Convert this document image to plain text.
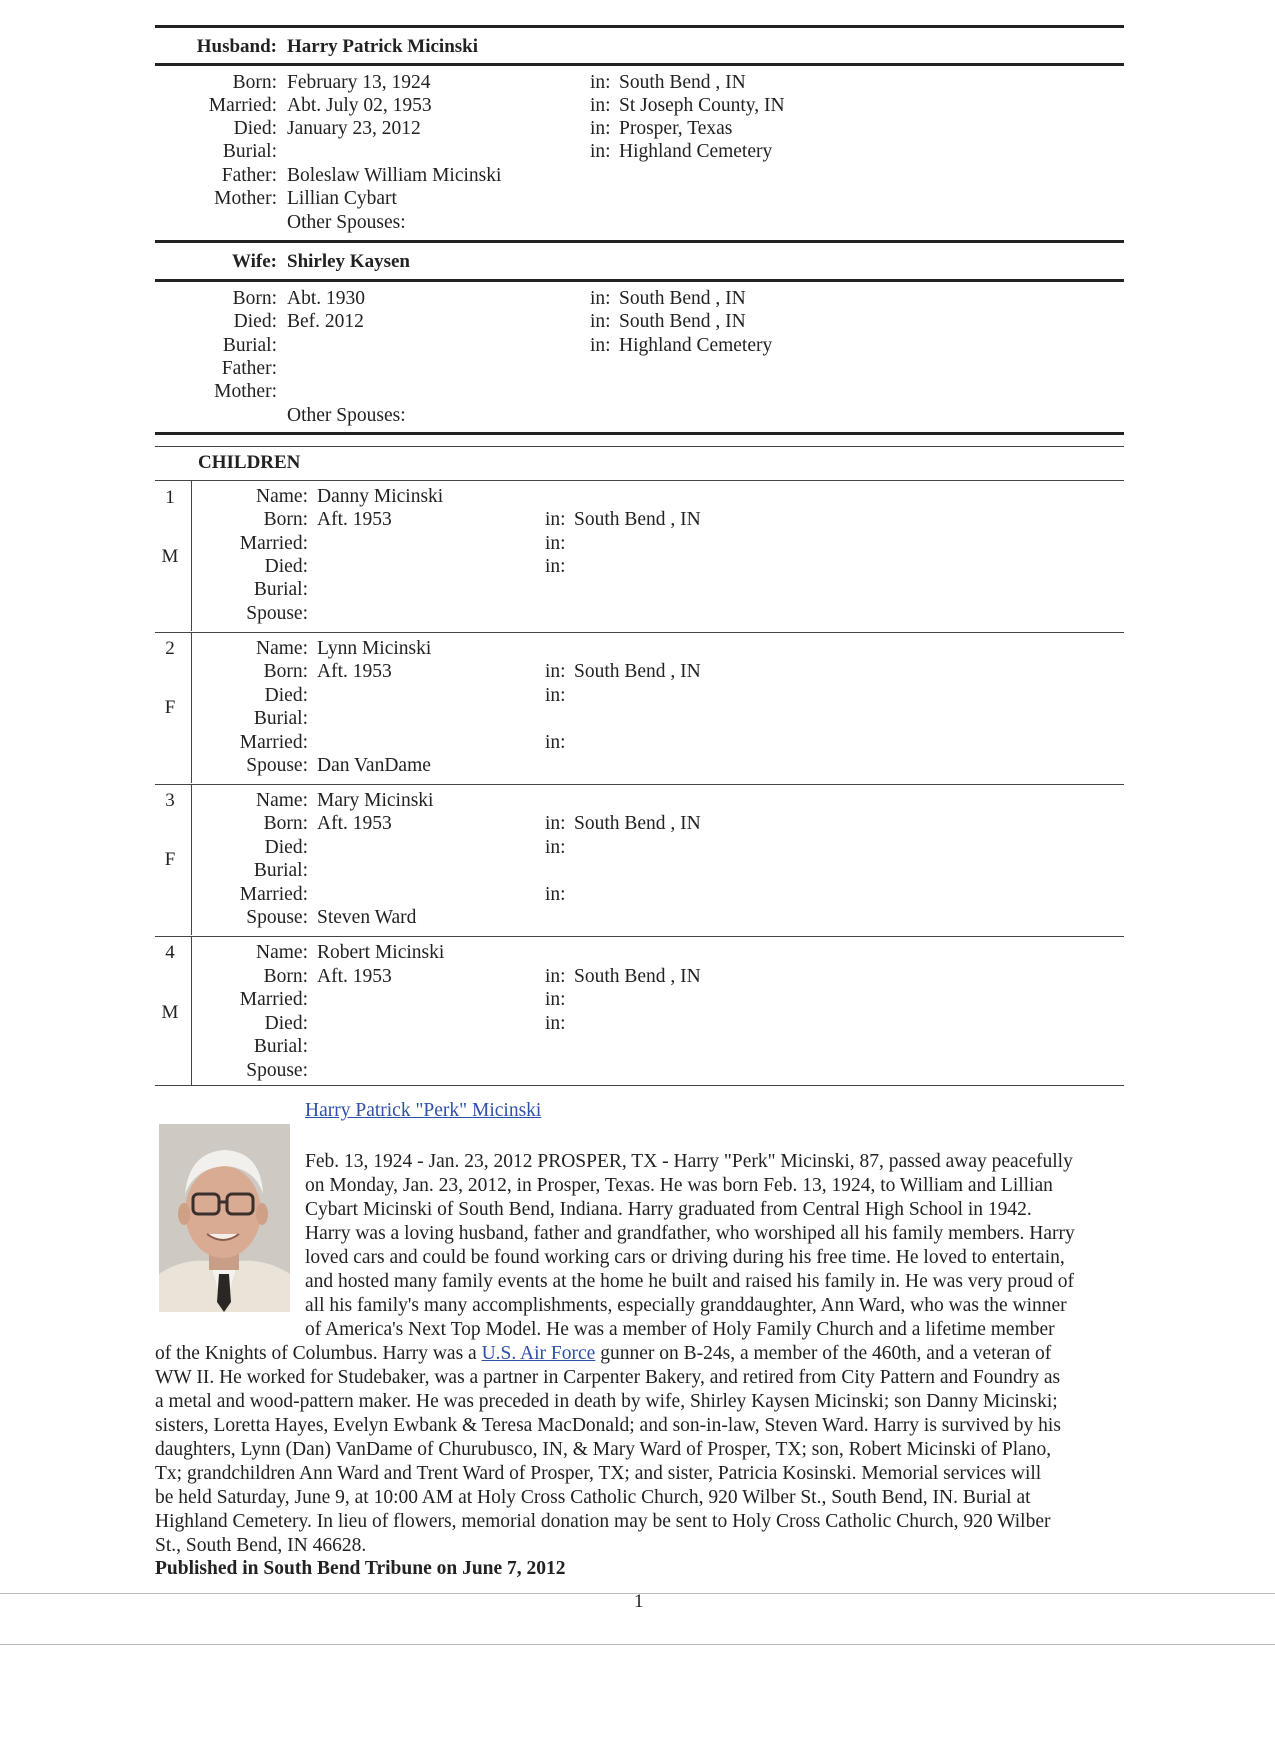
Husband: Harry Patrick Micinski
Born: February 13, 1924	in: South Bend , IN
Married: Abt. July 02, 1953	in: St Joseph County, IN
Died: January 23, 2012	in: Prosper, Texas
Burial:	in: Highland Cemetery
Father: Boleslaw William Micinski
Mother: Lillian Cybart
Other Spouses:
Wife: Shirley Kaysen
Born: Abt. 1930	in: South Bend , IN
Died: Bef. 2012	in: South Bend , IN
Burial:	in: Highland Cemetery
Father:
Mother:
Other Spouses:
CHILDREN
1
M
Name: Danny Micinski
Born: Aft. 1953	in: South Bend , IN
Married:	in:
Died:	in:
Burial:
Spouse:
2
F
Name: Lynn Micinski
Born: Aft. 1953	in: South Bend , IN
Died:	in:
Burial:
Married:	in:
Spouse: Dan VanDame
3
F
Name: Mary Micinski
Born: Aft. 1953	in: South Bend , IN
Died:	in:
Burial:
Married:	in:
Spouse: Steven Ward
4
M
Name: Robert Micinski
Born: Aft. 1953	in: South Bend , IN
Married:	in:
Died:	in:
Burial:
Spouse:
Harry Patrick "Perk" Micinski
Feb. 13, 1924 - Jan. 23, 2012 PROSPER, TX - Harry "Perk" Micinski, 87, passed away peacefully
on Monday, Jan. 23, 2012, in Prosper, Texas. He was born Feb. 13, 1924, to William and Lillian
Cybart Micinski of South Bend, Indiana. Harry graduated from Central High School in 1942.
Harry was a loving husband, father and grandfather, who worshiped all his family members. Harry
loved cars and could be found working cars or driving during his free time. He loved to entertain,
and hosted many family events at the home he built and raised his family in. He was very proud of
all his family's many accomplishments, especially granddaughter, Ann Ward, who was the winner
of America's Next Top Model. He was a member of Holy Family Church and a lifetime member
of the Knights of Columbus. Harry was a U.S. Air Force gunner on B-24s, a member of the 460th, and a veteran of
WW II. He worked for Studebaker, was a partner in Carpenter Bakery, and retired from City Pattern and Foundry as
a metal and wood-pattern maker. He was preceded in death by wife, Shirley Kaysen Micinski; son Danny Micinski;
sisters, Loretta Hayes, Evelyn Ewbank & Teresa MacDonald; and son-in-law, Steven Ward. Harry is survived by his
daughters, Lynn (Dan) VanDame of Churubusco, IN, & Mary Ward of Prosper, TX; son, Robert Micinski of Plano,
Tx; grandchildren Ann Ward and Trent Ward of Prosper, TX; and sister, Patricia Kosinski. Memorial services will
be held Saturday, June 9, at 10:00 AM at Holy Cross Catholic Church, 920 Wilber St., South Bend, IN. Burial at
Highland Cemetery. In lieu of flowers, memorial donation may be sent to Holy Cross Catholic Church, 920 Wilber
St., South Bend, IN 46628.
Published in South Bend Tribune on June 7, 2012
1
